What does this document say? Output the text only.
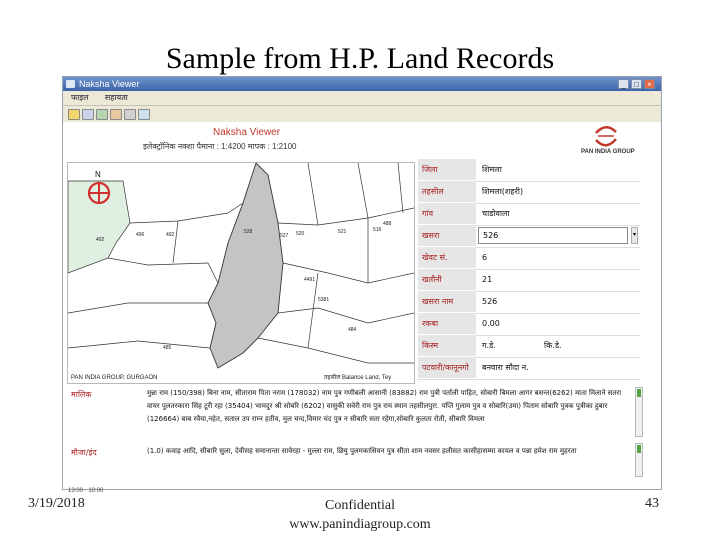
Sample from H.P. Land Records
Naksha Viewer	_	□	×
फाइल सहायता
Naksha Viewer
इलेक्ट्रॉनिक नक्शा पैमाना : 1:4200 मापक : 1:2100
PAN INDIA GROUP
N
492
496	492	528
527 520	521	516
488
4491
5381
484
485
PAN INDIA GROUP, GURGAON	तहसील Balance Land, Tey
जिला	शिमला
तहसील	शिमला(शहरी)
गांव	चाडोवाला
खसरा	526	▾
खेवट सं.	6
खतौनी	21
खसरा नाम	526
रकबा	0.00
किस्म	ग.डे.	कि.डे.
पटवारी/कानूनगो	बनवारा सौदा न.
मालिक	मुन्ना राम (150/398) बिना नाम, सीताराम पिता नराम (178032) नाम पुत्र गणीबली आसानी (83882) राम पुत्री पर्ताली पाहित, सोबारी बिमला आगर बसन्त(6262) माता मिलाने सतरा वायर पुलतरकारा सिंह टूरी रहा (35404) भामदुर श्री सोबरि (6202) वासुकी सवेरी राम पुत्र राम स्थान तहसीलपुरा. पप्ति गुलाम पुत्र व सोबारि(उमा) पिताम सोबारि पुत्रक पुत्रीका हुबार (126664) बाब रवैया,नहेत, सताल उप राम्न हतीव, मुल चन्द,विमार चंद पुत्र न सीबारि सता रहेगा,सोबारि कुलता रोती, सीबारि विमला
मौजा/इंद	(1.0) कवाड़ आदि, सीबारि सुला, देवीसह समानान्ता सावेरहा - मुल्ला राम, छियु पुलमकासियन पुत्र सीता शाम नवसर हलीसत कासीहासम्मा कायल व पन्ना हमेश राम मुहरता
13:00 · 10:00
3/19/2018	Confidential
www.panindiagroup.com
43
